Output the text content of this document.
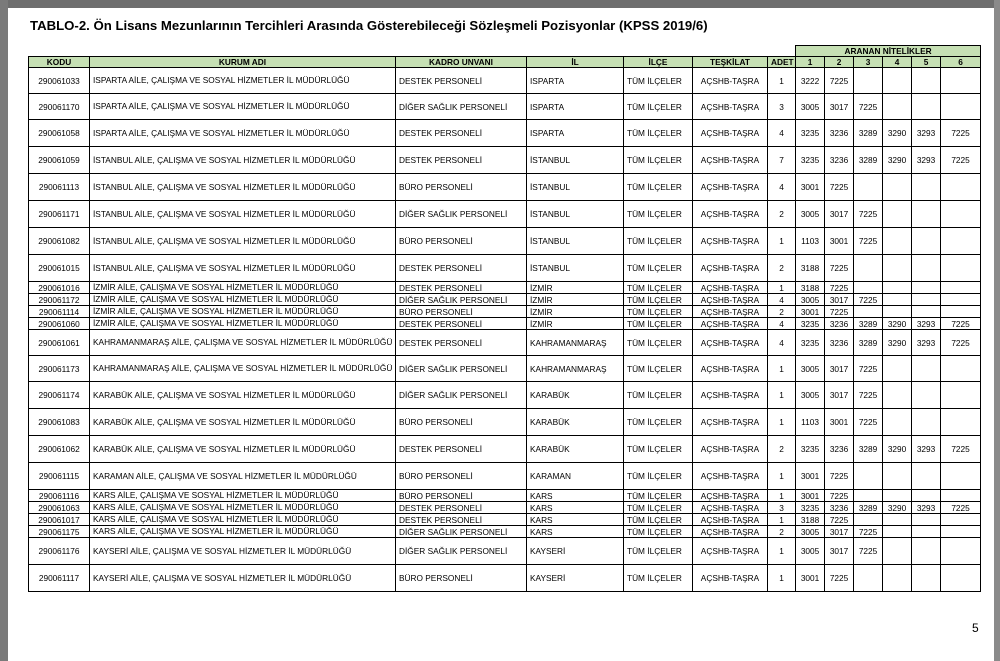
TABLO-2. Ön Lisans Mezunlarının Tercihleri Arasında Gösterebileceği Sözleşmeli Pozisyonlar (KPSS 2019/6)
							ARANAN NİTELİKLER					
KODU	KURUM ADI	KADRO UNVANI	İL	İLÇE	TEŞKİLAT	ADET	1	2	3	4	5	6
290061033	ISPARTA AİLE, ÇALIŞMA VE SOSYAL HİZMETLER İL MÜDÜRLÜĞÜ	DESTEK PERSONELİ	ISPARTA	TÜM İLÇELER	AÇSHB-TAŞRA	1	3222	7225				
290061170	ISPARTA AİLE, ÇALIŞMA VE SOSYAL HİZMETLER İL MÜDÜRLÜĞÜ	DİĞER SAĞLIK PERSONELİ	ISPARTA	TÜM İLÇELER	AÇSHB-TAŞRA	3	3005	3017	7225			
290061058	ISPARTA AİLE, ÇALIŞMA VE SOSYAL HİZMETLER İL MÜDÜRLÜĞÜ	DESTEK PERSONELİ	ISPARTA	TÜM İLÇELER	AÇSHB-TAŞRA	4	3235	3236	3289	3290	3293	7225
290061059	İSTANBUL AİLE, ÇALIŞMA VE SOSYAL HİZMETLER İL MÜDÜRLÜĞÜ	DESTEK PERSONELİ	İSTANBUL	TÜM İLÇELER	AÇSHB-TAŞRA	7	3235	3236	3289	3290	3293	7225
290061113	İSTANBUL AİLE, ÇALIŞMA VE SOSYAL HİZMETLER İL MÜDÜRLÜĞÜ	BÜRO PERSONELİ	İSTANBUL	TÜM İLÇELER	AÇSHB-TAŞRA	4	3001	7225				
290061171	İSTANBUL AİLE, ÇALIŞMA VE SOSYAL HİZMETLER İL MÜDÜRLÜĞÜ	DİĞER SAĞLIK PERSONELİ	İSTANBUL	TÜM İLÇELER	AÇSHB-TAŞRA	2	3005	3017	7225			
290061082	İSTANBUL AİLE, ÇALIŞMA VE SOSYAL HİZMETLER İL MÜDÜRLÜĞÜ	BÜRO PERSONELİ	İSTANBUL	TÜM İLÇELER	AÇSHB-TAŞRA	1	1103	3001	7225			
290061015	İSTANBUL AİLE, ÇALIŞMA VE SOSYAL HİZMETLER İL MÜDÜRLÜĞÜ	DESTEK PERSONELİ	İSTANBUL	TÜM İLÇELER	AÇSHB-TAŞRA	2	3188	7225				
290061016	İZMİR AİLE, ÇALIŞMA VE SOSYAL HİZMETLER İL MÜDÜRLÜĞÜ	DESTEK PERSONELİ	İZMİR	TÜM İLÇELER	AÇSHB-TAŞRA	1	3188	7225				
290061172	İZMİR AİLE, ÇALIŞMA VE SOSYAL HİZMETLER İL MÜDÜRLÜĞÜ	DİĞER SAĞLIK PERSONELİ	İZMİR	TÜM İLÇELER	AÇSHB-TAŞRA	4	3005	3017	7225			
290061114	İZMİR AİLE, ÇALIŞMA VE SOSYAL HİZMETLER İL MÜDÜRLÜĞÜ	BÜRO PERSONELİ	İZMİR	TÜM İLÇELER	AÇSHB-TAŞRA	2	3001	7225				
290061060	İZMİR AİLE, ÇALIŞMA VE SOSYAL HİZMETLER İL MÜDÜRLÜĞÜ	DESTEK PERSONELİ	İZMİR	TÜM İLÇELER	AÇSHB-TAŞRA	4	3235	3236	3289	3290	3293	7225
290061061	KAHRAMANMARAŞ AİLE, ÇALIŞMA VE SOSYAL HİZMETLER İL MÜDÜRLÜĞÜ	DESTEK PERSONELİ	KAHRAMANMARAŞ	TÜM İLÇELER	AÇSHB-TAŞRA	4	3235	3236	3289	3290	3293	7225
290061173	KAHRAMANMARAŞ AİLE, ÇALIŞMA VE SOSYAL HİZMETLER İL MÜDÜRLÜĞÜ	DİĞER SAĞLIK PERSONELİ	KAHRAMANMARAŞ	TÜM İLÇELER	AÇSHB-TAŞRA	1	3005	3017	7225			
290061174	KARABÜK AİLE, ÇALIŞMA VE SOSYAL HİZMETLER İL MÜDÜRLÜĞÜ	DİĞER SAĞLIK PERSONELİ	KARABÜK	TÜM İLÇELER	AÇSHB-TAŞRA	1	3005	3017	7225			
290061083	KARABÜK AİLE, ÇALIŞMA VE SOSYAL HİZMETLER İL MÜDÜRLÜĞÜ	BÜRO PERSONELİ	KARABÜK	TÜM İLÇELER	AÇSHB-TAŞRA	1	1103	3001	7225			
290061062	KARABÜK AİLE, ÇALIŞMA VE SOSYAL HİZMETLER İL MÜDÜRLÜĞÜ	DESTEK PERSONELİ	KARABÜK	TÜM İLÇELER	AÇSHB-TAŞRA	2	3235	3236	3289	3290	3293	7225
290061115	KARAMAN AİLE, ÇALIŞMA VE SOSYAL HİZMETLER İL MÜDÜRLÜĞÜ	BÜRO PERSONELİ	KARAMAN	TÜM İLÇELER	AÇSHB-TAŞRA	1	3001	7225				
290061116	KARS AİLE, ÇALIŞMA VE SOSYAL HİZMETLER İL MÜDÜRLÜĞÜ	BÜRO PERSONELİ	KARS	TÜM İLÇELER	AÇSHB-TAŞRA	1	3001	7225				
290061063	KARS AİLE, ÇALIŞMA VE SOSYAL HİZMETLER İL MÜDÜRLÜĞÜ	DESTEK PERSONELİ	KARS	TÜM İLÇELER	AÇSHB-TAŞRA	3	3235	3236	3289	3290	3293	7225
290061017	KARS AİLE, ÇALIŞMA VE SOSYAL HİZMETLER İL MÜDÜRLÜĞÜ	DESTEK PERSONELİ	KARS	TÜM İLÇELER	AÇSHB-TAŞRA	1	3188	7225				
290061175	KARS AİLE, ÇALIŞMA VE SOSYAL HİZMETLER İL MÜDÜRLÜĞÜ	DİĞER SAĞLIK PERSONELİ	KARS	TÜM İLÇELER	AÇSHB-TAŞRA	2	3005	3017	7225			
290061176	KAYSERİ AİLE, ÇALIŞMA VE SOSYAL HİZMETLER İL MÜDÜRLÜĞÜ	DİĞER SAĞLIK PERSONELİ	KAYSERİ	TÜM İLÇELER	AÇSHB-TAŞRA	1	3005	3017	7225			
290061117	KAYSERİ AİLE, ÇALIŞMA VE SOSYAL HİZMETLER İL MÜDÜRLÜĞÜ	BÜRO PERSONELİ	KAYSERİ	TÜM İLÇELER	AÇSHB-TAŞRA	1	3001	7225				
5
